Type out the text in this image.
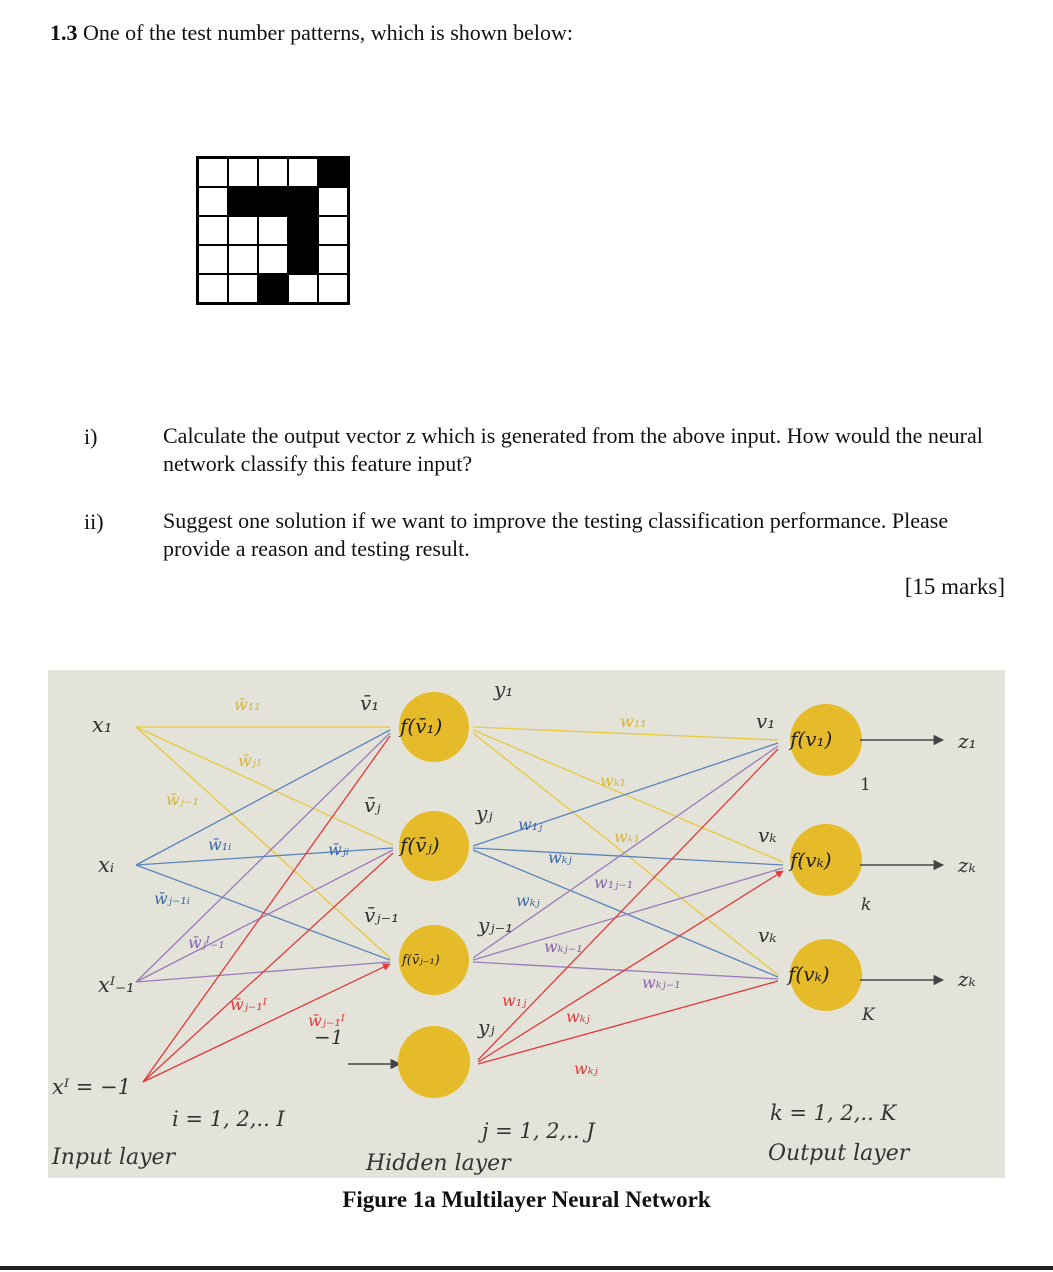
1.3 One of the test number patterns, which is shown below:
i)	Calculate the output vector z which is generated from the above input. How would the neural network classify this feature input?
ii)	Suggest one solution if we want to improve the testing classification performance. Please provide a reason and testing result.
[15 marks]
f(v̄₁)
f(v̄ⱼ)
f(v̄ⱼ₋₁)
f(v₁)
f(vₖ)
f(vₖ)
x₁
xᵢ
xᴵ₋₁
xᴵ = −1
v̄₁
v̄ⱼ
v̄ⱼ₋₁
y₁
yⱼ
yⱼ₋₁
yⱼ
−1
v₁
vₖ
vₖ
z₁
zₖ
zₖ
1
k
K
w̄₁₁
w̄ⱼ₁
w̄ⱼ₋₁
w̄₁ᵢ	w̄ⱼᵢ
w̄ⱼ₋₁ᵢ
w̄ⱼᴵ₋₁
w̄ⱼ₋₁ᴵ
w̄ⱼ₋₁ᴵ
w₁₁
wₖ₁
wₖ₁
w₁ⱼ
wₖⱼ
wₖⱼ
w₁ⱼ₋₁
wₖⱼ₋₁
wₖⱼ₋₁
w₁ⱼ
wₖⱼ
wₖⱼ
i = 1, 2,.. I	j = 1, 2,.. J
k = 1, 2,.. K
Input layer	Hidden layer	Output layer
Figure 1a Multilayer Neural Network
